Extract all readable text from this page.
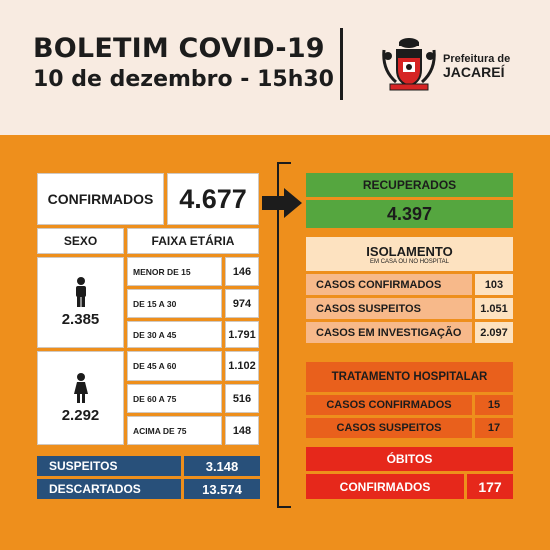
BOLETIM COVID-19
10 de dezembro - 15h30
Prefeitura de
JACAREÍ
CONFIRMADOS 4.677
SEXO	FAIXA ETÁRIA
2.385
2.292
MENOR DE 15	146
DE 15 A 30	974
DE 30 A 45	1.791
DE 45 A 60	1.102
DE 60 A 75	516
ACIMA DE 75	148
SUSPEITOS	3.148
DESCARTADOS	13.574
RECUPERADOS
4.397
ISOLAMENTO
EM CASA OU NO HOSPITAL
CASOS CONFIRMADOS	103
CASOS SUSPEITOS	1.051
CASOS EM INVESTIGAÇÃO	2.097
TRATAMENTO HOSPITALAR
CASOS CONFIRMADOS	15
CASOS SUSPEITOS	17
ÓBITOS
CONFIRMADOS	177
